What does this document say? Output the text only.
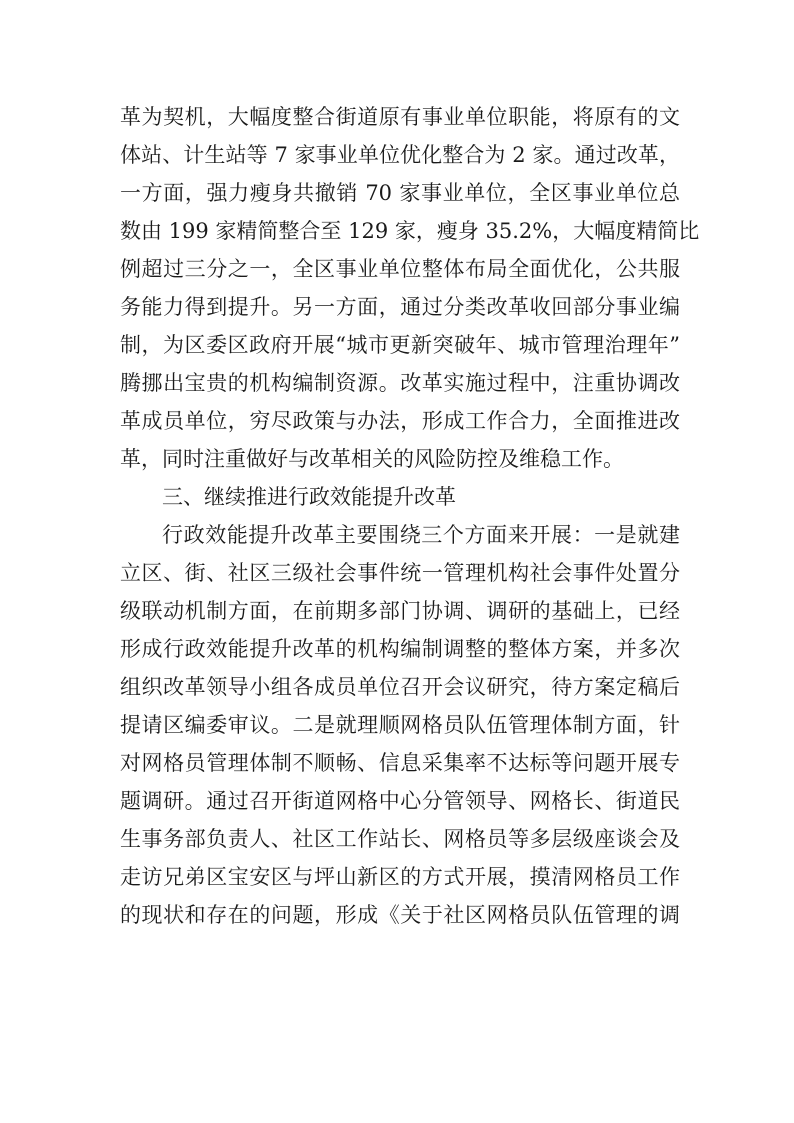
革为契机，大幅度整合街道原有事业单位职能，将原有的文
体站、计生站等 7 家事业单位优化整合为 2 家。通过改革，
一方面，强力瘦身共撤销 70 家事业单位，全区事业单位总
数由 199 家精简整合至 129 家，瘦身 35.2%，大幅度精简比
例超过三分之一，全区事业单位整体布局全面优化，公共服
务能力得到提升。另一方面，通过分类改革收回部分事业编
制，为区委区政府开展“城市更新突破年、城市管理治理年”
腾挪出宝贵的机构编制资源。改革实施过程中，注重协调改
革成员单位，穷尽政策与办法，形成工作合力，全面推进改
革，同时注重做好与改革相关的风险防控及维稳工作。
三、继续推进行政效能提升改革
行政效能提升改革主要围绕三个方面来开展：一是就建
立区、街、社区三级社会事件统一管理机构社会事件处置分
级联动机制方面，在前期多部门协调、调研的基础上，已经
形成行政效能提升改革的机构编制调整的整体方案，并多次
组织改革领导小组各成员单位召开会议研究，待方案定稿后
提请区编委审议。二是就理顺网格员队伍管理体制方面，针
对网格员管理体制不顺畅、信息采集率不达标等问题开展专
题调研。通过召开街道网格中心分管领导、网格长、街道民
生事务部负责人、社区工作站长、网格员等多层级座谈会及
走访兄弟区宝安区与坪山新区的方式开展，摸清网格员工作
的现状和存在的问题，形成《关于社区网格员队伍管理的调
